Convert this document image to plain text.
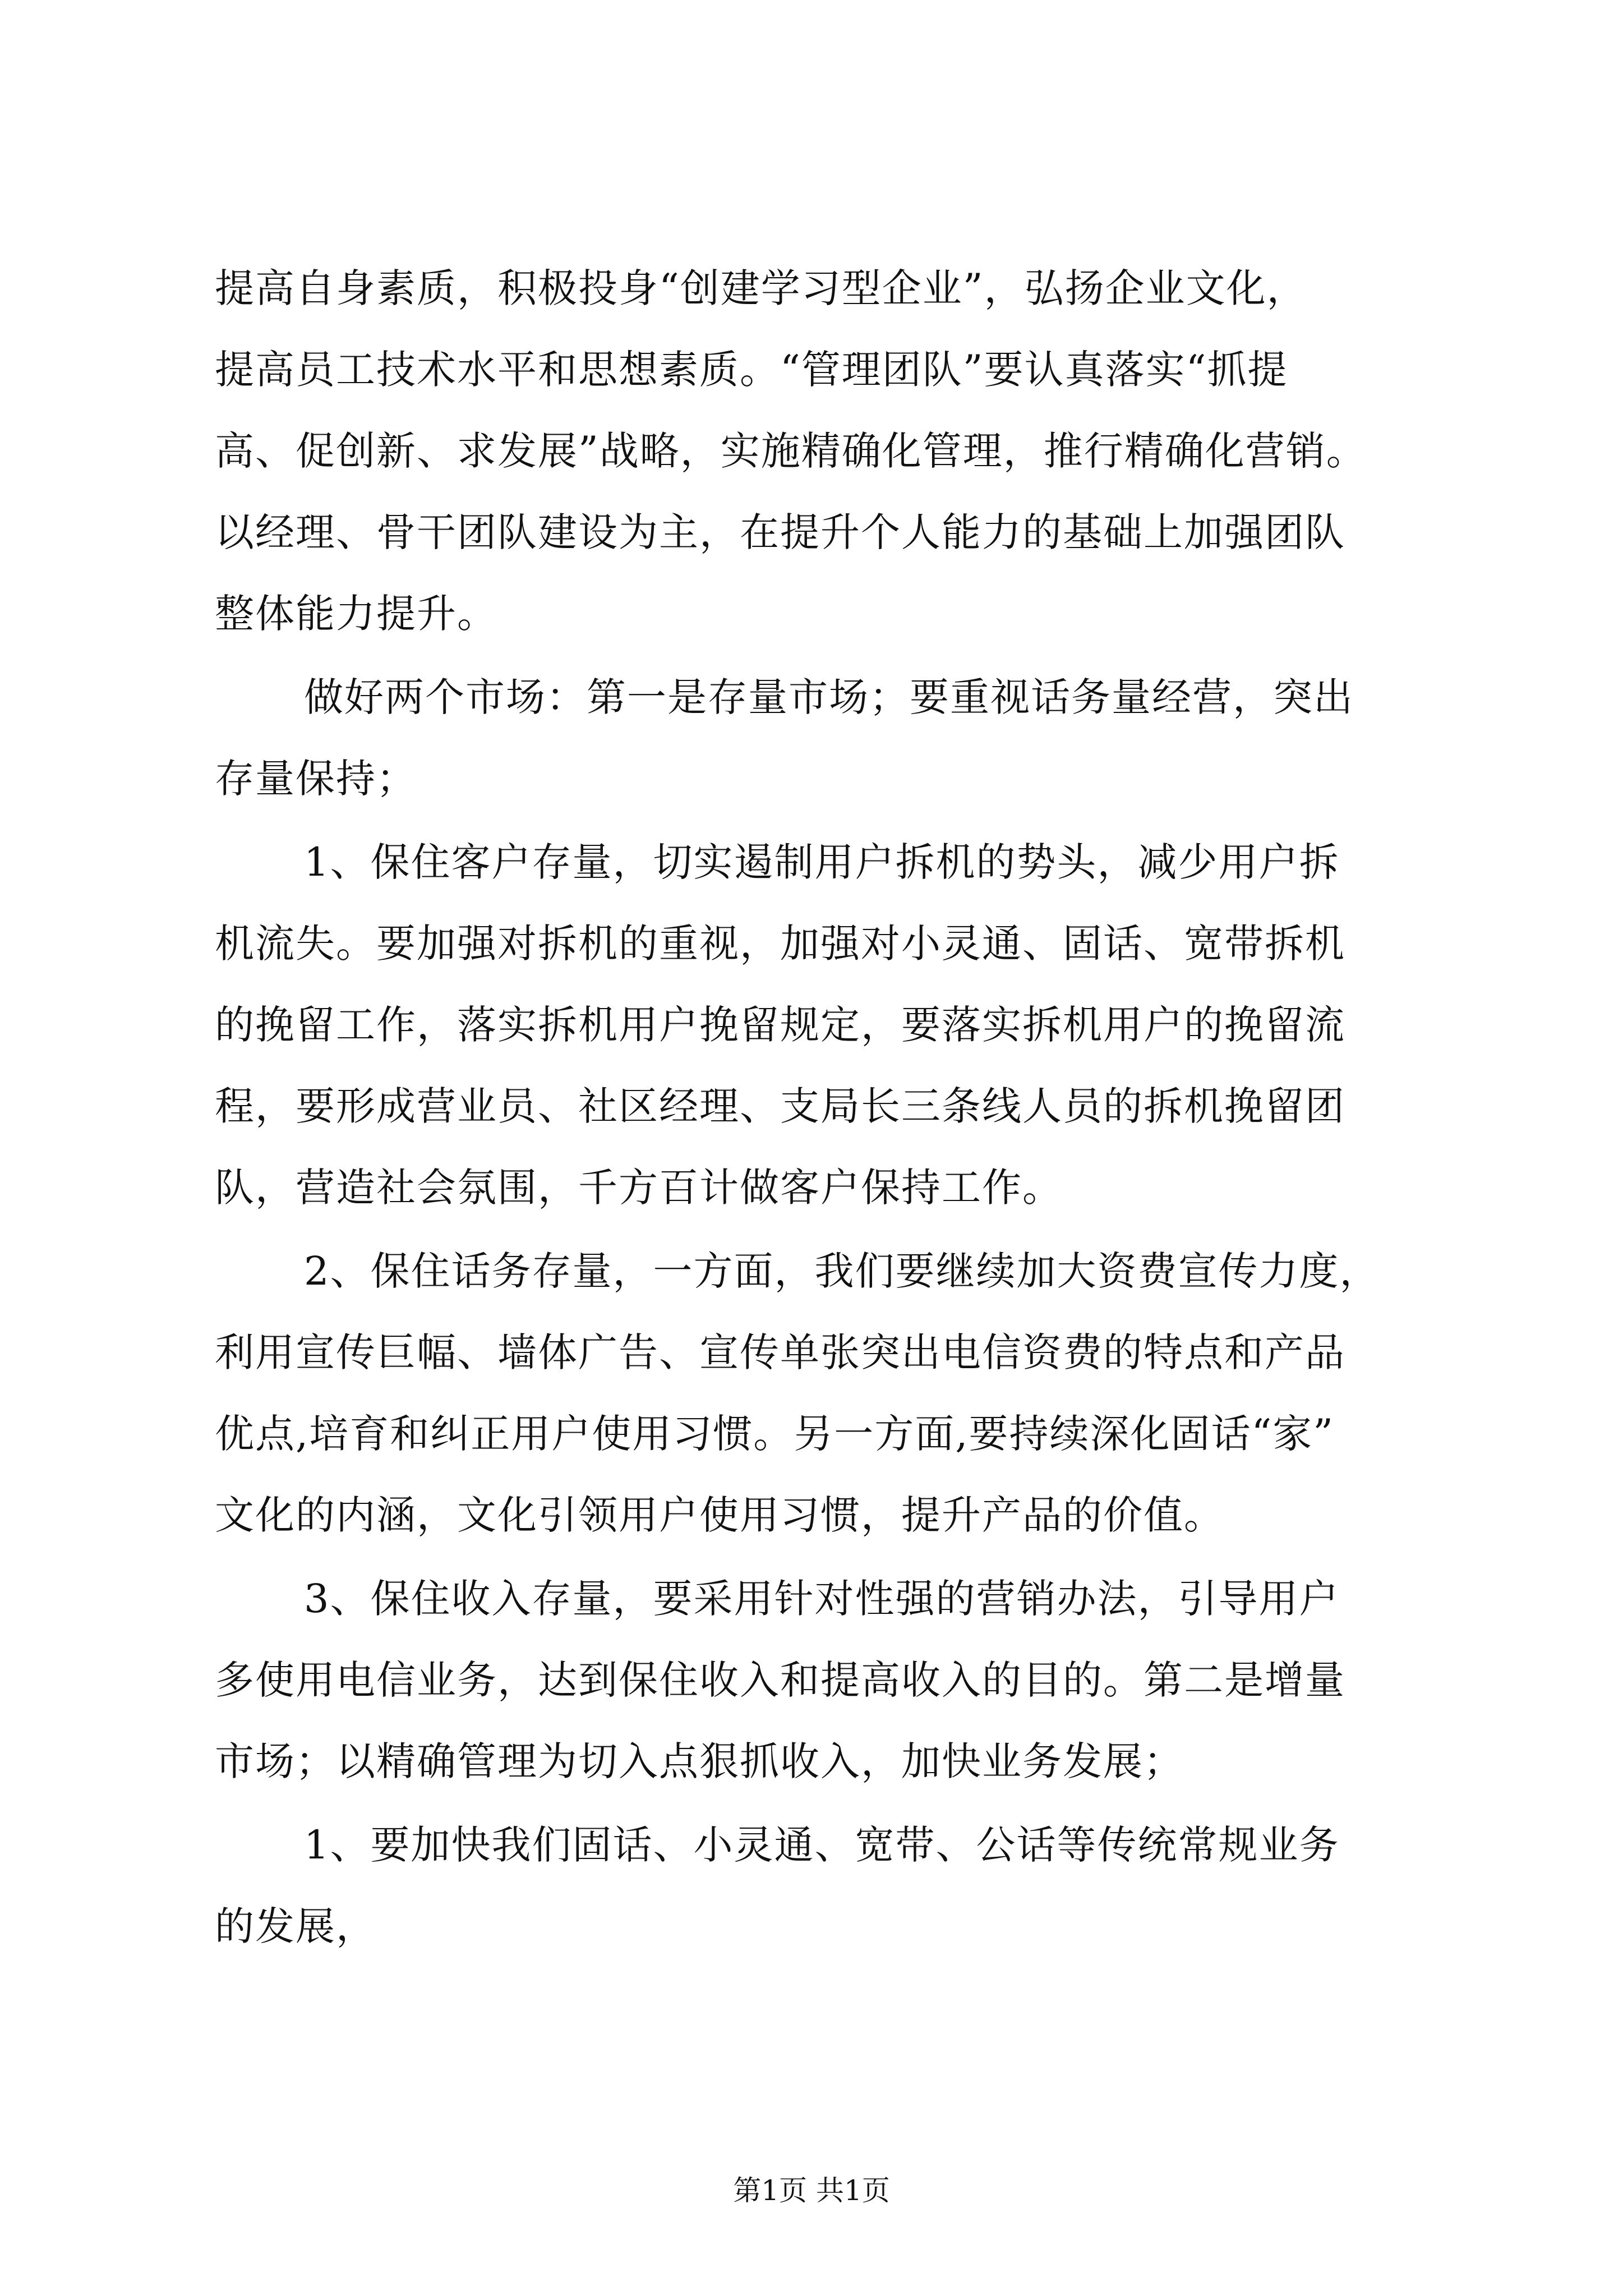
提高自身素质，积极投身“创建学习型企业”，弘扬企业文化，
提高员工技术水平和思想素质。“管理团队”要认真落实“抓提
高、促创新、求发展”战略，实施精确化管理，推行精确化营销。
以经理、骨干团队建设为主，在提升个人能力的基础上加强团队
整体能力提升。
做好两个市场：第一是存量市场；要重视话务量经营，突出
存量保持；
1、保住客户存量，切实遏制用户拆机的势头，减少用户拆
机流失。要加强对拆机的重视，加强对小灵通、固话、宽带拆机
的挽留工作，落实拆机用户挽留规定，要落实拆机用户的挽留流
程，要形成营业员、社区经理、支局长三条线人员的拆机挽留团
队，营造社会氛围，千方百计做客户保持工作。
2、保住话务存量，一方面，我们要继续加大资费宣传力度，
利用宣传巨幅、墙体广告、宣传单张突出电信资费的特点和产品
优点,培育和纠正用户使用习惯。另一方面,要持续深化固话“家”
文化的内涵，文化引领用户使用习惯，提升产品的价值。
3、保住收入存量，要采用针对性强的营销办法，引导用户
多使用电信业务，达到保住收入和提高收入的目的。第二是增量
市场；以精确管理为切入点狠抓收入，加快业务发展；
1、要加快我们固话、小灵通、宽带、公话等传统常规业务
的发展，
第1页 共1页
